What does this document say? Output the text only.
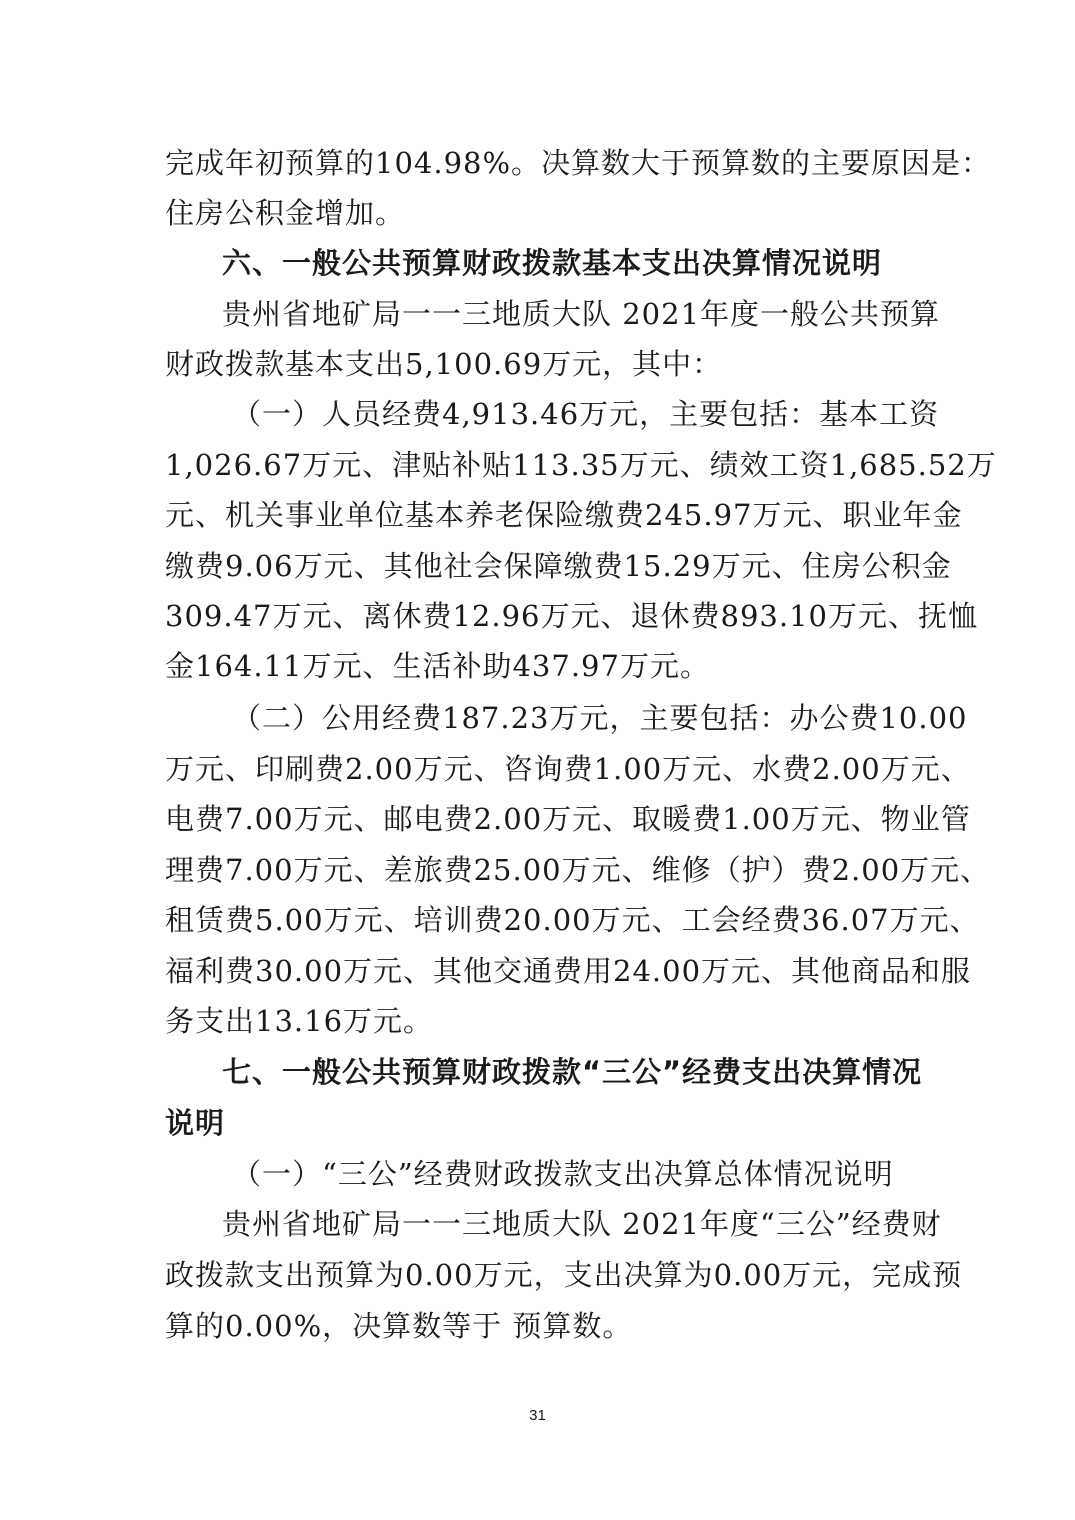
完成年初预算的104.98%。决算数大于预算数的主要原因是：
住房公积金增加。
六、一般公共预算财政拨款基本支出决算情况说明
贵州省地矿局一一三地质大队 2021年度一般公共预算
财政拨款基本支出5,100.69万元，其中：
（一）人员经费4,913.46万元，主要包括：基本工资
1,026.67万元、津贴补贴113.35万元、绩效工资1,685.52万
元、机关事业单位基本养老保险缴费245.97万元、职业年金
缴费9.06万元、其他社会保障缴费15.29万元、住房公积金
309.47万元、离休费12.96万元、退休费893.10万元、抚恤
金164.11万元、生活补助437.97万元。
（二）公用经费187.23万元，主要包括：办公费10.00
万元、印刷费2.00万元、咨询费1.00万元、水费2.00万元、
电费7.00万元、邮电费2.00万元、取暖费1.00万元、物业管
理费7.00万元、差旅费25.00万元、维修（护）费2.00万元、
租赁费5.00万元、培训费20.00万元、工会经费36.07万元、
福利费30.00万元、其他交通费用24.00万元、其他商品和服
务支出13.16万元。
七、一般公共预算财政拨款“三公”经费支出决算情况
说明
（一）“三公”经费财政拨款支出决算总体情况说明
贵州省地矿局一一三地质大队 2021年度“三公”经费财
政拨款支出预算为0.00万元，支出决算为0.00万元，完成预
算的0.00%，决算数等于 预算数。
31
